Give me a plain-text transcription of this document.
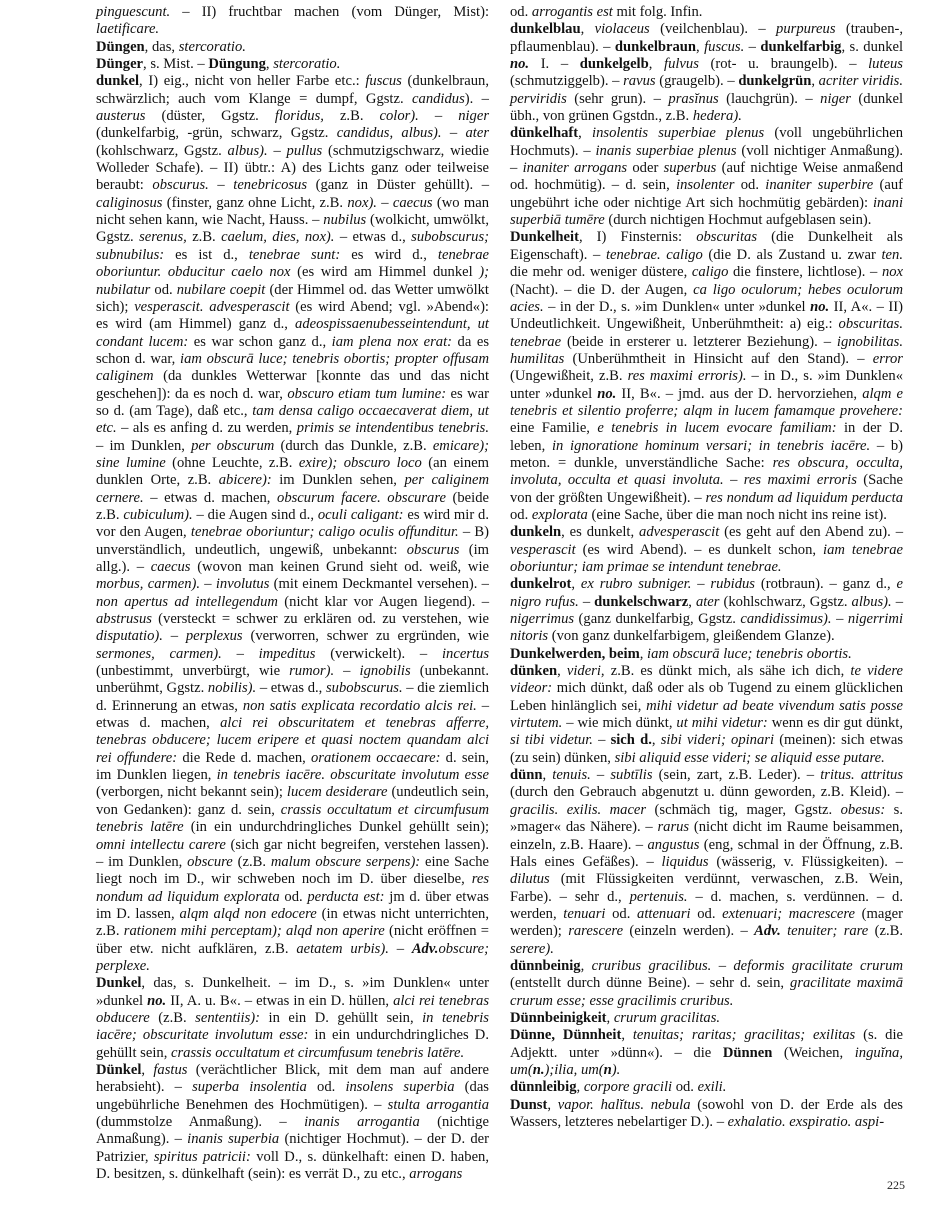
pinguescunt. – II) fruchtbar machen (vom Dünger, Mist): laetificare.

Düngen, das, stercoratio.

Dünger, s. Mist. – Düngung, stercoratio.

dunkel, I) eig., nicht von heller Farbe etc.: fuscus (dunkelbraun, schwärzlich; auch vom Klange = dumpf, Ggstz. candidus). – austerus (düster, Ggstz. floridus, z.B. color). – niger (dunkelfarbig, -grün, schwarz, Ggstz. candidus, albus). – ater (kohlschwarz, Ggstz. albus). – pullus (schmutzigschwarz, wiedie Wolleder Schafe). – II) übtr.: A) des Lichts ganz oder teilweise beraubt: obscurus. – tenebricosus (ganz in Düster gehüllt). – caliginosus (finster, ganz ohne Licht, z.B. nox). – caecus (wo man nicht sehen kann, wie Nacht, Hauss. – nubilus (wolkicht, umwölkt, Ggstz. serenus, z.B. caelum, dies, nox). – etwas d., subobscurus; subnubilus: es ist d., tenebrae sunt: es wird d., tenebrae oboriuntur. obducitur caelo nox (es wird am Himmel dunkel ); nubilatur od. nubilare coepit (der Himmel od. das Wetter umwölkt sich); vesperascit. advesperascit (es wird Abend; vgl. »Abend«): es wird (am Himmel) ganz d., adeospissaenubesseintendunt, ut condant lucem: es war schon ganz d., iam plena nox erat: da es schon d. war, iam obscurā luce; tenebris obortis; propter offusam caliginem (da dunkles Wetterwar [konnte das und das nicht geschehen]): da es noch d. war, obscuro etiam tum lumine: es war so d. (am Tage), daß etc., tam densa caligo occaecaverat diem, ut etc. – als es anfing d. zu werden, primis se intendentibus tenebris. – im Dunklen, per obscurum (durch das Dunkle, z.B. emicare); sine lumine (ohne Leuchte, z.B. exire); obscuro loco (an einem dunklen Orte, z.B. abicere): im Dunklen sehen, per caliginem cernere. – etwas d. machen, obscurum facere. obscurare (beide z.B. cubiculum). – die Augen sind d., oculi caligant: es wird mir d. vor den Augen, tenebrae oboriuntur; caligo oculis offunditur. – B) unverständlich, undeutlich, ungewiß, unbekannt: obscurus (im allg.). – caecus (wovon man keinen Grund sieht od. weiß, wie morbus, carmen). – involutus (mit einem Deckmantel versehen). – non apertus ad intellegendum (nicht klar vor Augen liegend). – abstrusus (versteckt = schwer zu erklären od. zu verstehen, wie disputatio). – perplexus (verworren, schwer zu ergründen, wie sermones, carmen). – impeditus (verwickelt). – incertus (unbestimmt, unverbürgt, wie rumor). – ignobilis (unbekannt. unberühmt, Ggstz. nobilis). – etwas d., subobscurus. – die ziemlich d. Erinnerung an etwas, non satis explicata recordatio alcis rei. – etwas d. machen, alci rei obscuritatem et tenebras afferre, tenebras obducere; lucem eripere et quasi noctem quandam alci rei offundere: die Rede d. machen, orationem occaecare: d. sein, im Dunklen liegen, in tenebris iacēre. obscuritate involutum esse (verborgen, nicht bekannt sein); lucem desiderare (undeutlich sein, von Gedanken): ganz d. sein, crassis occultatum et circumfusum tenebris latēre (in ein undurchdringliches Dunkel gehüllt sein); omni intellectu carere (sich gar nicht begreifen, verstehen lassen). – im Dunklen, obscure (z.B. malum obscure serpens): eine Sache liegt noch im D., wir schweben noch im D. über dieselbe, res nondum ad liquidum explorata od. perducta est: jm d. über etwas im D. lassen, alqm alqd non edocere (in etwas nicht unterrichten, z.B. rationem mihi perceptam); alqd non aperire (nicht eröffnen = über etw. nicht aufklären, z.B. aetatem urbis). – Adv.obscure; perplexe.

Dunkel, das, s. Dunkelheit. – im D., s. »im Dunklen« unter »dunkel no. II, A. u. B«. – etwas in ein D. hüllen, alci rei tenebras obducere (z.B. sententiis): in ein D. gehüllt sein, in tenebris iacēre; obscuritate involutum esse: in ein undurchdringliches D. gehüllt sein, crassis occultatum et circumfusum tenebris latēre.

Dünkel, fastus (verächtlicher Blick, mit dem man auf andere herabsieht). – superba insolentia od. insolens superbia (das ungebührliche Benehmen des Hochmütigen). – stulta arrogantia (dummstolze Anmaßung). – inanis arrogantia (nichtige Anmaßung). – inanis superbia (nichtiger Hochmut). – der D. der Patrizier, spiritus patricii: voll D., s. dünkelhaft: einen D. haben, D. besitzen, s. dünkelhaft (sein): es verrät D., zu etc., arrogans

od. arrogantis est mit folg. Infin.

dunkelblau, violaceus (veilchenblau). – purpureus (trauben-, pflaumenblau). – dunkelbraun, fuscus. – dunkelfarbig, s. dunkel no. I. – dunkelgelb, fulvus (rot- u. braungelb). – luteus (schmutziggelb). – ravus (graugelb). – dunkelgrün, acriter viridis. perviridis (sehr grun). – prasĭnus (lauchgrün). – niger (dunkel übh., von grünen Ggstdn., z.B. hedera).

dünkelhaft, insolentis superbiae plenus (voll ungebührlichen Hochmuts). – inanis superbiae plenus (voll nichtiger Anmaßung). – inaniter arrogans oder superbus (auf nichtige Weise anmaßend od. hochmütig). – d. sein, insolenter od. inaniter superbire (auf ungebührt iche oder nichtige Art sich hochmütig gebärden): inani superbiā tumēre (durch nichtigen Hochmut aufgeblasen sein).

Dunkelheit, I) Finsternis: obscuritas (die Dunkelheit als Eigenschaft). – tenebrae. caligo (die D. als Zustand u. zwar ten. die mehr od. weniger düstere, caligo die finstere, lichtlose). – nox (Nacht). – die D. der Augen, ca ligo oculorum; hebes oculorum acies. – in der D., s. »im Dunklen« unter »dunkel no. II, A«. – II) Undeutlichkeit. Ungewißheit, Unberühmtheit: a) eig.: obscuritas. tenebrae (beide in ersterer u. letzterer Beziehung). – ignobilitas. humilitas (Unberühmtheit in Hinsicht auf den Stand). – error (Ungewißheit, z.B. res maximi erroris). – in D., s. »im Dunklen« unter »dunkel no. II, B«. – jmd. aus der D. hervorziehen, alqm e tenebris et silentio proferre; alqm in lucem famamque provehere: eine Familie, e tenebris in lucem evocare familiam: in der D. leben, in ignoratione hominum versari; in tenebris iacēre. – b) meton. = dunkle, unverständliche Sache: res obscura, occulta, involuta, occulta et quasi involuta. – res maximi erroris (Sache von der größten Ungewißheit). – res nondum ad liquidum perducta od. explorata (eine Sache, über die man noch nicht ins reine ist).

dunkeln, es dunkelt, advesperascit (es geht auf den Abend zu). – vesperascit (es wird Abend). – es dunkelt schon, iam tenebrae oboriuntur; iam primae se intendunt tenebrae.

dunkelrot, ex rubro subniger. – rubidus (rotbraun). – ganz d., e nigro rufus. – dunkelschwarz, ater (kohlschwarz, Ggstz. albus). – nigerrimus (ganz dunkelfarbig, Ggstz. candidissimus). – nigerrimi nitoris (von ganz dunkelfarbigem, gleißendem Glanze).

Dunkelwerden, beim, iam obscurā luce; tenebris obortis.

dünken, videri, z.B. es dünkt mich, als sähe ich dich, te videre videor: mich dünkt, daß oder als ob Tugend zu einem glücklichen Leben hinlänglich sei, mihi videtur ad beate vivendum satis posse virtutem. – wie mich dünkt, ut mihi videtur: wenn es dir gut dünkt, si tibi videtur. – sich d., sibi videri; opinari (meinen): sich etwas (zu sein) dünken, sibi aliquid esse videri; se aliquid esse putare.

dünn, tenuis. – subtīlis (sein, zart, z.B. Leder). – tritus. attritus (durch den Gebrauch abgenutzt u. dünn geworden, z.B. Kleid). – gracilis. exilis. macer (schmäch tig, mager, Ggstz. obesus: s. »mager« das Nähere). – rarus (nicht dicht im Raume beisammen, einzeln, z.B. Haare). – angustus (eng, schmal in der Öffnung, z.B. Hals eines Gefäßes). – liquidus (wässerig, v. Flüssigkeiten). – dilutus (mit Flüssigkeiten verdünnt, verwaschen, z.B. Wein, Farbe). – sehr d., pertenuis. – d. machen, s. verdünnen. – d. werden, tenuari od. attenuari od. extenuari; macrescere (mager werden); rarescere (einzeln werden). – Adv. tenuiter; rare (z.B. serere).

dünnbeinig, cruribus gracilibus. – deformis gracilitate crurum (entstellt durch dünne Beine). – sehr d. sein, gracilitate maximā crurum esse; esse gracilimis cruribus.

Dünnbeinigkeit, crurum gracilitas.

Dünne, Dünnheit, tenuitas; raritas; gracilitas; exilitas (s. die Adjektt. unter »dünn«). – die Dünnen (Weichen, inguĭna, um(n.);ilia, um(n).

dünnleibig, corpore gracili od. exili.

Dunst, vapor. halĭtus. nebula (sowohl von D. der Erde als des Wassers, letzteres nebelartiger D.). – exhalatio. exspiratio. aspi-

225
